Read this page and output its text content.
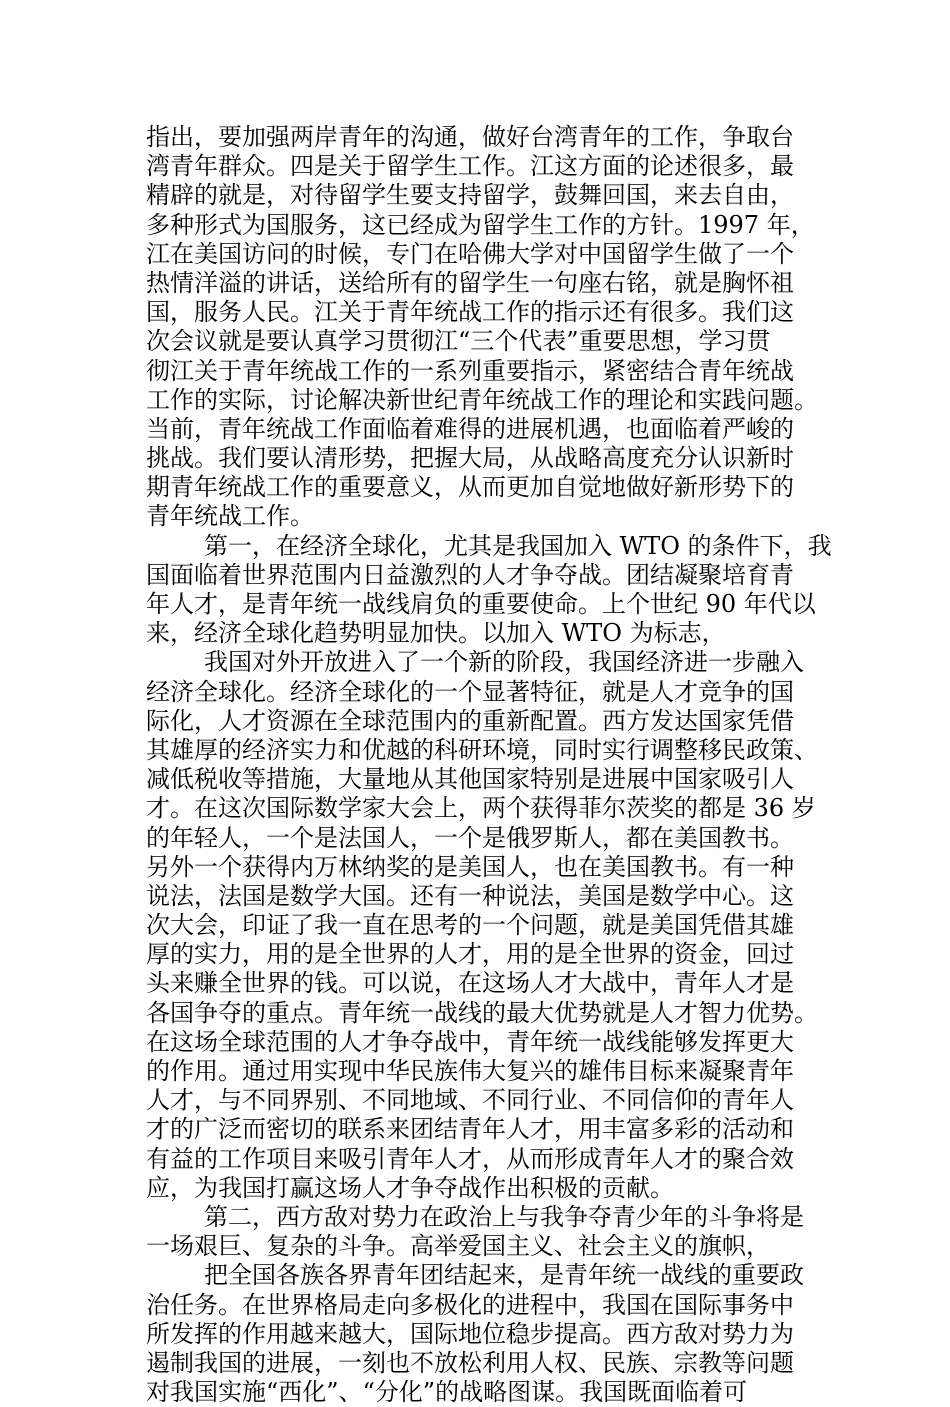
指出，要加强两岸青年的沟通，做好台湾青年的工作，争取台
湾青年群众。四是关于留学生工作。江这方面的论述很多，最
精辟的就是，对待留学生要支持留学，鼓舞回国，来去自由，
多种形式为国服务，这已经成为留学生工作的方针。1997 年，
江在美国访问的时候，专门在哈佛大学对中国留学生做了一个
热情洋溢的讲话，送给所有的留学生一句座右铭，就是胸怀祖
国，服务人民。江关于青年统战工作的指示还有很多。我们这
次会议就是要认真学习贯彻江“三个代表”重要思想，学习贯
彻江关于青年统战工作的一系列重要指示，紧密结合青年统战
工作的实际，讨论解决新世纪青年统战工作的理论和实践问题。
当前，青年统战工作面临着难得的进展机遇，也面临着严峻的
挑战。我们要认清形势，把握大局，从战略高度充分认识新时
期青年统战工作的重要意义，从而更加自觉地做好新形势下的
青年统战工作。
第一，在经济全球化，尤其是我国加入 WTO 的条件下，我
国面临着世界范围内日益激烈的人才争夺战。团结凝聚培育青
年人才，是青年统一战线肩负的重要使命。上个世纪 90 年代以
来，经济全球化趋势明显加快。以加入 WTO 为标志，
我国对外开放进入了一个新的阶段，我国经济进一步融入
经济全球化。经济全球化的一个显著特征，就是人才竞争的国
际化，人才资源在全球范围内的重新配置。西方发达国家凭借
其雄厚的经济实力和优越的科研环境，同时实行调整移民政策、
减低税收等措施，大量地从其他国家特别是进展中国家吸引人
才。在这次国际数学家大会上，两个获得菲尔茨奖的都是 36 岁
的年轻人，一个是法国人，一个是俄罗斯人，都在美国教书。
另外一个获得内万林纳奖的是美国人，也在美国教书。有一种
说法，法国是数学大国。还有一种说法，美国是数学中心。这
次大会，印证了我一直在思考的一个问题，就是美国凭借其雄
厚的实力，用的是全世界的人才，用的是全世界的资金，回过
头来赚全世界的钱。可以说，在这场人才大战中，青年人才是
各国争夺的重点。青年统一战线的最大优势就是人才智力优势。
在这场全球范围的人才争夺战中，青年统一战线能够发挥更大
的作用。通过用实现中华民族伟大复兴的雄伟目标来凝聚青年
人才，与不同界别、不同地域、不同行业、不同信仰的青年人
才的广泛而密切的联系来团结青年人才，用丰富多彩的活动和
有益的工作项目来吸引青年人才，从而形成青年人才的聚合效
应，为我国打赢这场人才争夺战作出积极的贡献。
第二，西方敌对势力在政治上与我争夺青少年的斗争将是
一场艰巨、复杂的斗争。高举爱国主义、社会主义的旗帜，
把全国各族各界青年团结起来，是青年统一战线的重要政
治任务。在世界格局走向多极化的进程中，我国在国际事务中
所发挥的作用越来越大，国际地位稳步提高。西方敌对势力为
遏制我国的进展，一刻也不放松利用人权、民族、宗教等问题
对我国实施“西化”、“分化”的战略图谋。我国既面临着可
